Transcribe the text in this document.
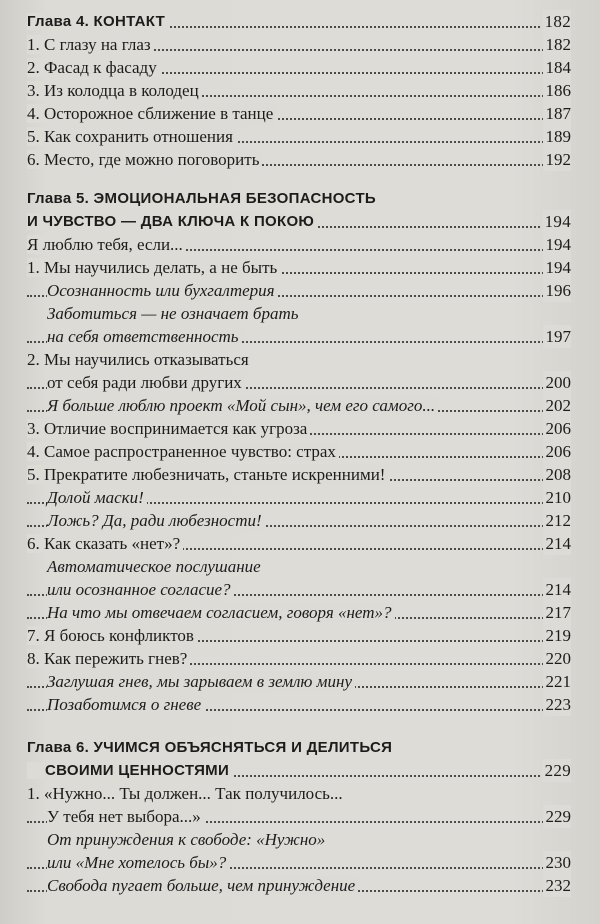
Глава 4. КОНТАКТ	182
1. С глазу на глаз	182
2. Фасад к фасаду	184
3. Из колодца в колодец	186
4. Осторожное сближение в танце	187
5. Как сохранить отношения	189
6. Место, где можно поговорить	192
Глава 5. ЭМОЦИОНАЛЬНАЯ БЕЗОПАСНОСТЬ
И ЧУВСТВО — ДВА КЛЮЧА К ПОКОЮ	194
Я люблю тебя, если...	194
1. Мы научились делать, а не быть	194
Осознанность или бухгалтерия	196
Заботиться — не означает брать
на себя ответственность	197
2. Мы научились отказываться
от себя ради любви других	200
Я больше люблю проект «Мой сын», чем его самого...	202
3. Отличие воспринимается как угроза	206
4. Самое распространенное чувство: страх	206
5. Прекратите любезничать, станьте искренними!	208
Долой маски!	210
Ложь? Да, ради любезности!	212
6. Как сказать «нет»?	214
Автоматическое послушание
или осознанное согласие?	214
На что мы отвечаем согласием, говоря «нет»?	217
7. Я боюсь конфликтов	219
8. Как пережить гнев?	220
Заглушая гнев, мы зарываем в землю мину	221
Позаботимся о гневе	223
Глава 6. УЧИМСЯ ОБЪЯСНЯТЬСЯ И ДЕЛИТЬСЯ
СВОИМИ ЦЕННОСТЯМИ	229
1. «Нужно... Ты должен... Так получилось...
У тебя нет выбора...»	229
От принуждения к свободе: «Нужно»
или «Мне хотелось бы»?	230
Свобода пугает больше, чем принуждение	232
